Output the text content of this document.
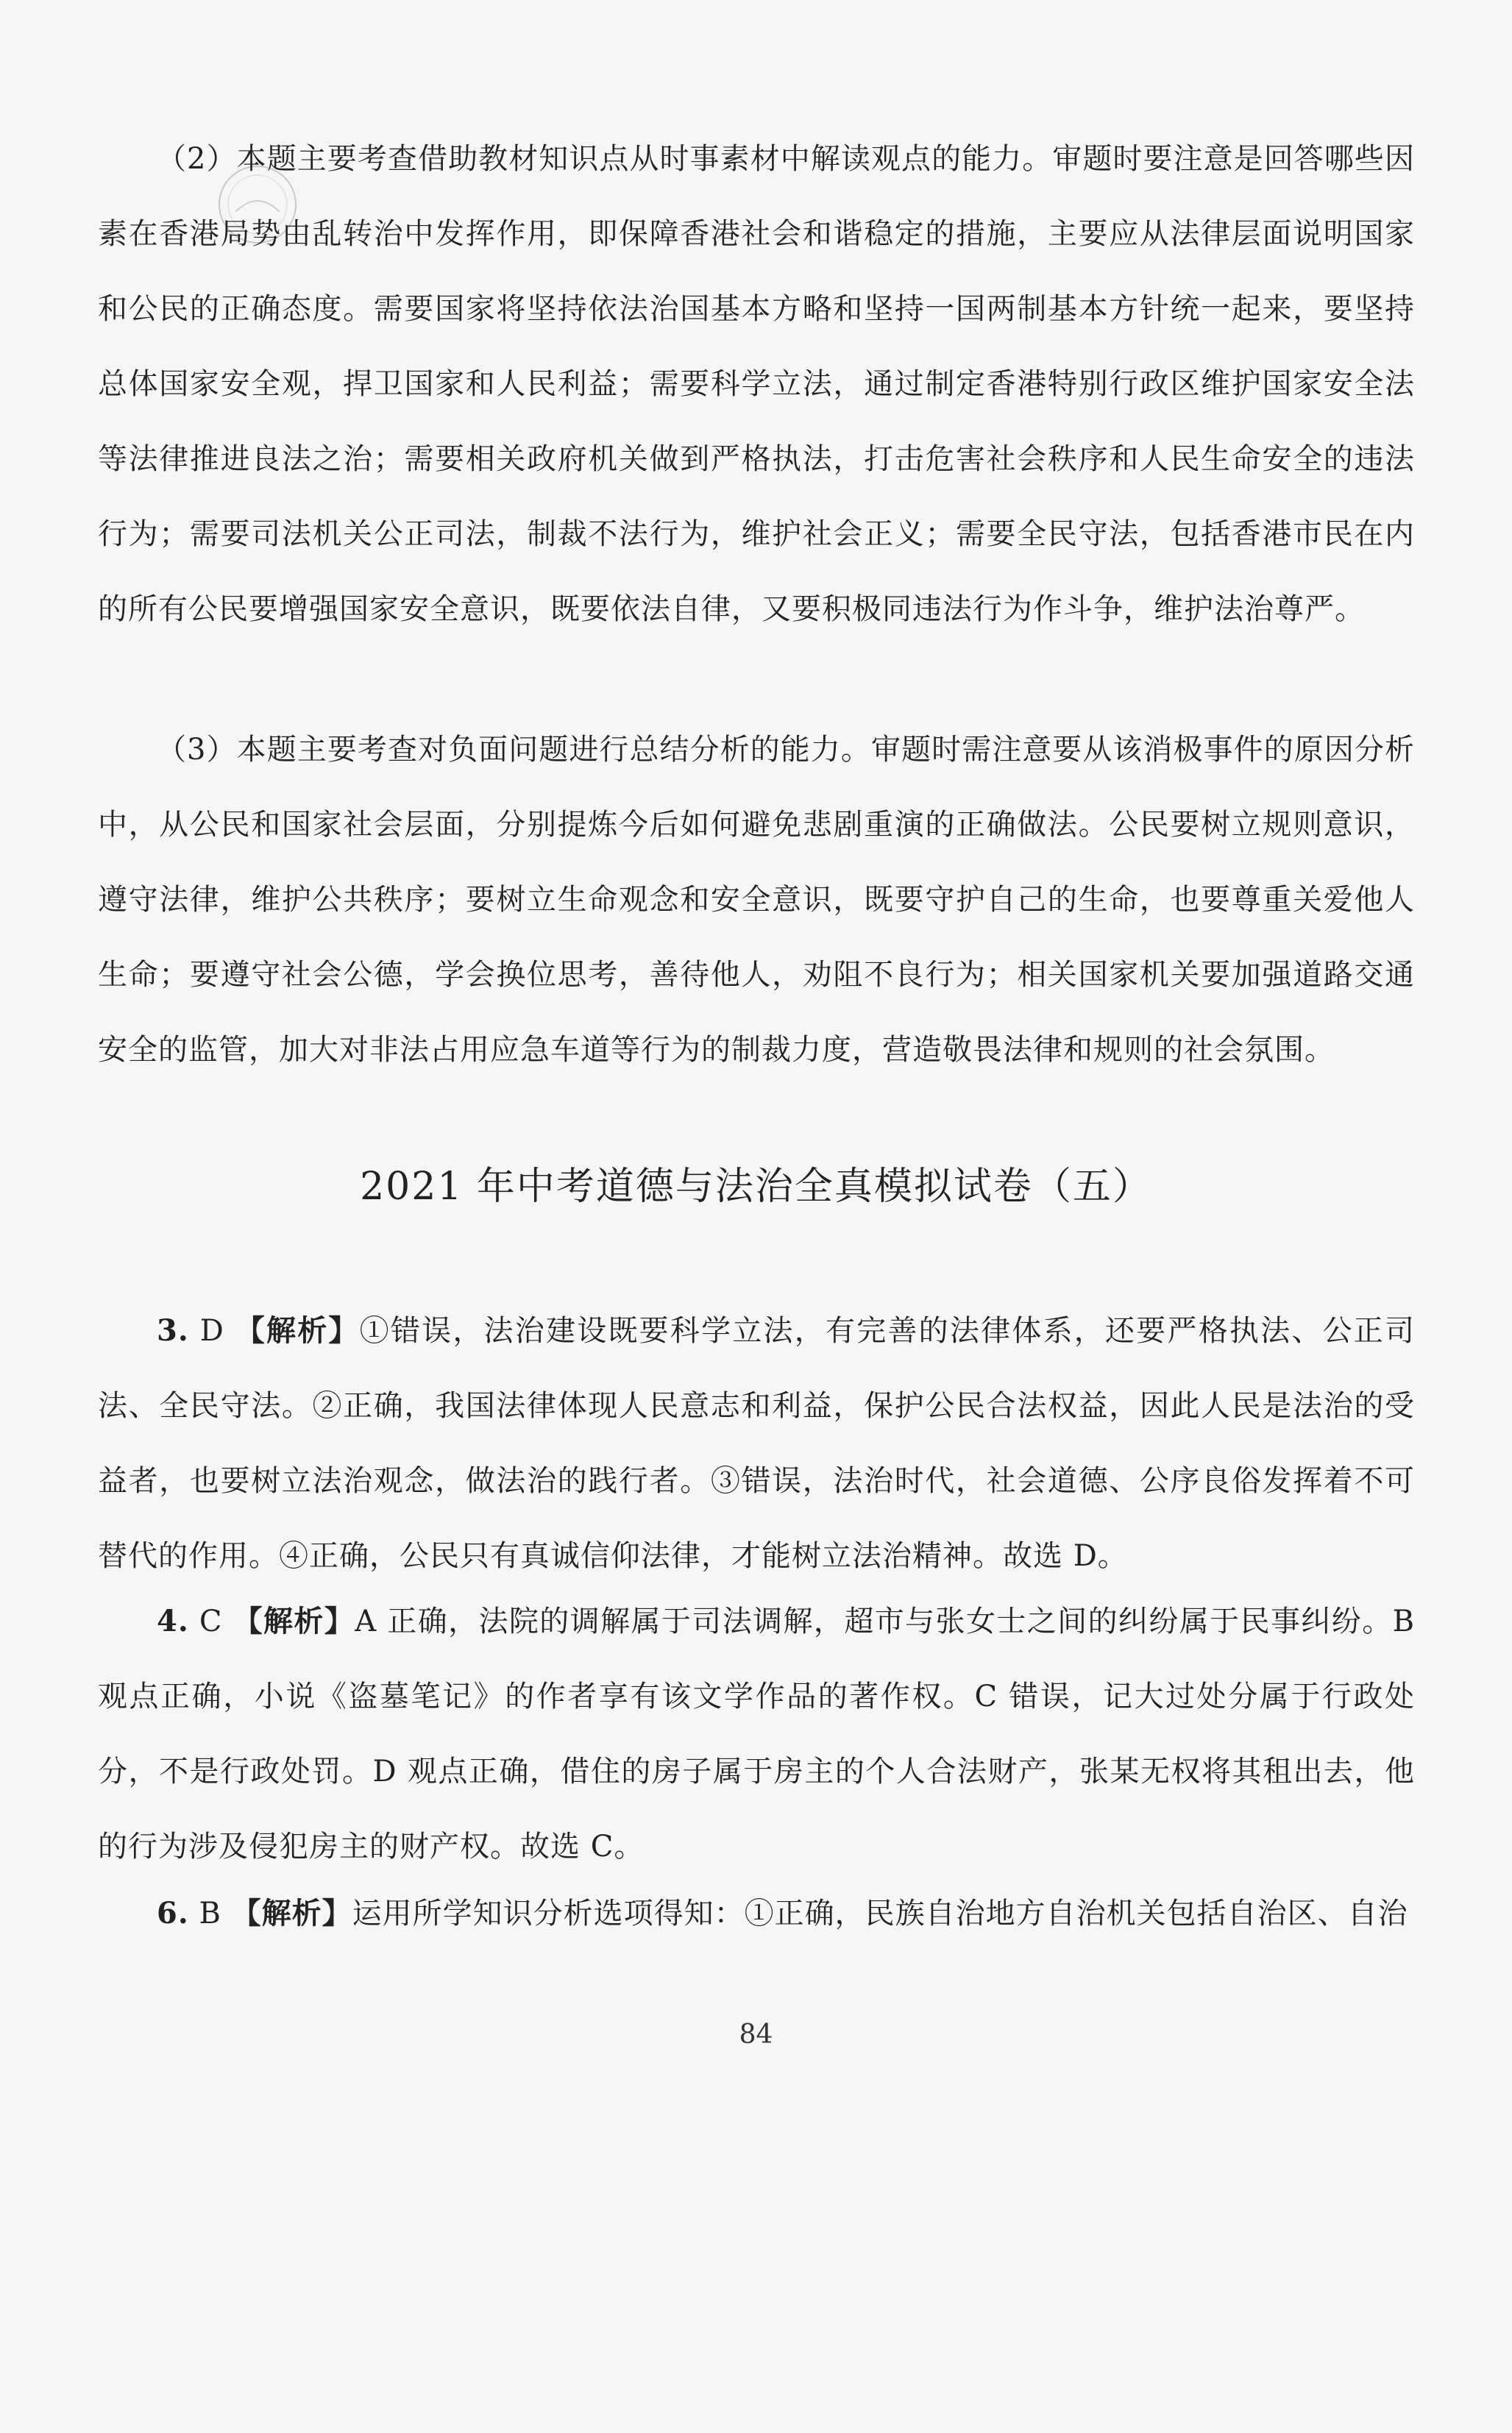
（2）本题主要考查借助教材知识点从时事素材中解读观点的能力。审题时要注意是回答哪些因素在香港局势由乱转治中发挥作用，即保障香港社会和谐稳定的措施，主要应从法律层面说明国家和公民的正确态度。需要国家将坚持依法治国基本方略和坚持一国两制基本方针统一起来，要坚持总体国家安全观，捍卫国家和人民利益；需要科学立法，通过制定香港特别行政区维护国家安全法等法律推进良法之治；需要相关政府机关做到严格执法，打击危害社会秩序和人民生命安全的违法行为；需要司法机关公正司法，制裁不法行为，维护社会正义；需要全民守法，包括香港市民在内的所有公民要增强国家安全意识，既要依法自律，又要积极同违法行为作斗争，维护法治尊严。
（3）本题主要考查对负面问题进行总结分析的能力。审题时需注意要从该消极事件的原因分析中，从公民和国家社会层面，分别提炼今后如何避免悲剧重演的正确做法。公民要树立规则意识，遵守法律，维护公共秩序；要树立生命观念和安全意识，既要守护自己的生命，也要尊重关爱他人生命；要遵守社会公德，学会换位思考，善待他人，劝阻不良行为；相关国家机关要加强道路交通安全的监管，加大对非法占用应急车道等行为的制裁力度，营造敬畏法律和规则的社会氛围。
2021 年中考道德与法治全真模拟试卷（五）
3. D 【解析】①错误，法治建设既要科学立法，有完善的法律体系，还要严格执法、公正司法、全民守法。②正确，我国法律体现人民意志和利益，保护公民合法权益，因此人民是法治的受益者，也要树立法治观念，做法治的践行者。③错误，法治时代，社会道德、公序良俗发挥着不可替代的作用。④正确，公民只有真诚信仰法律，才能树立法治精神。故选 D。
4. C 【解析】A 正确，法院的调解属于司法调解，超市与张女士之间的纠纷属于民事纠纷。B 观点正确，小说《盗墓笔记》的作者享有该文学作品的著作权。C 错误，记大过处分属于行政处分，不是行政处罚。D 观点正确，借住的房子属于房主的个人合法财产，张某无权将其租出去，他的行为涉及侵犯房主的财产权。故选 C。
6. B 【解析】运用所学知识分析选项得知：①正确，民族自治地方自治机关包括自治区、自治
84
